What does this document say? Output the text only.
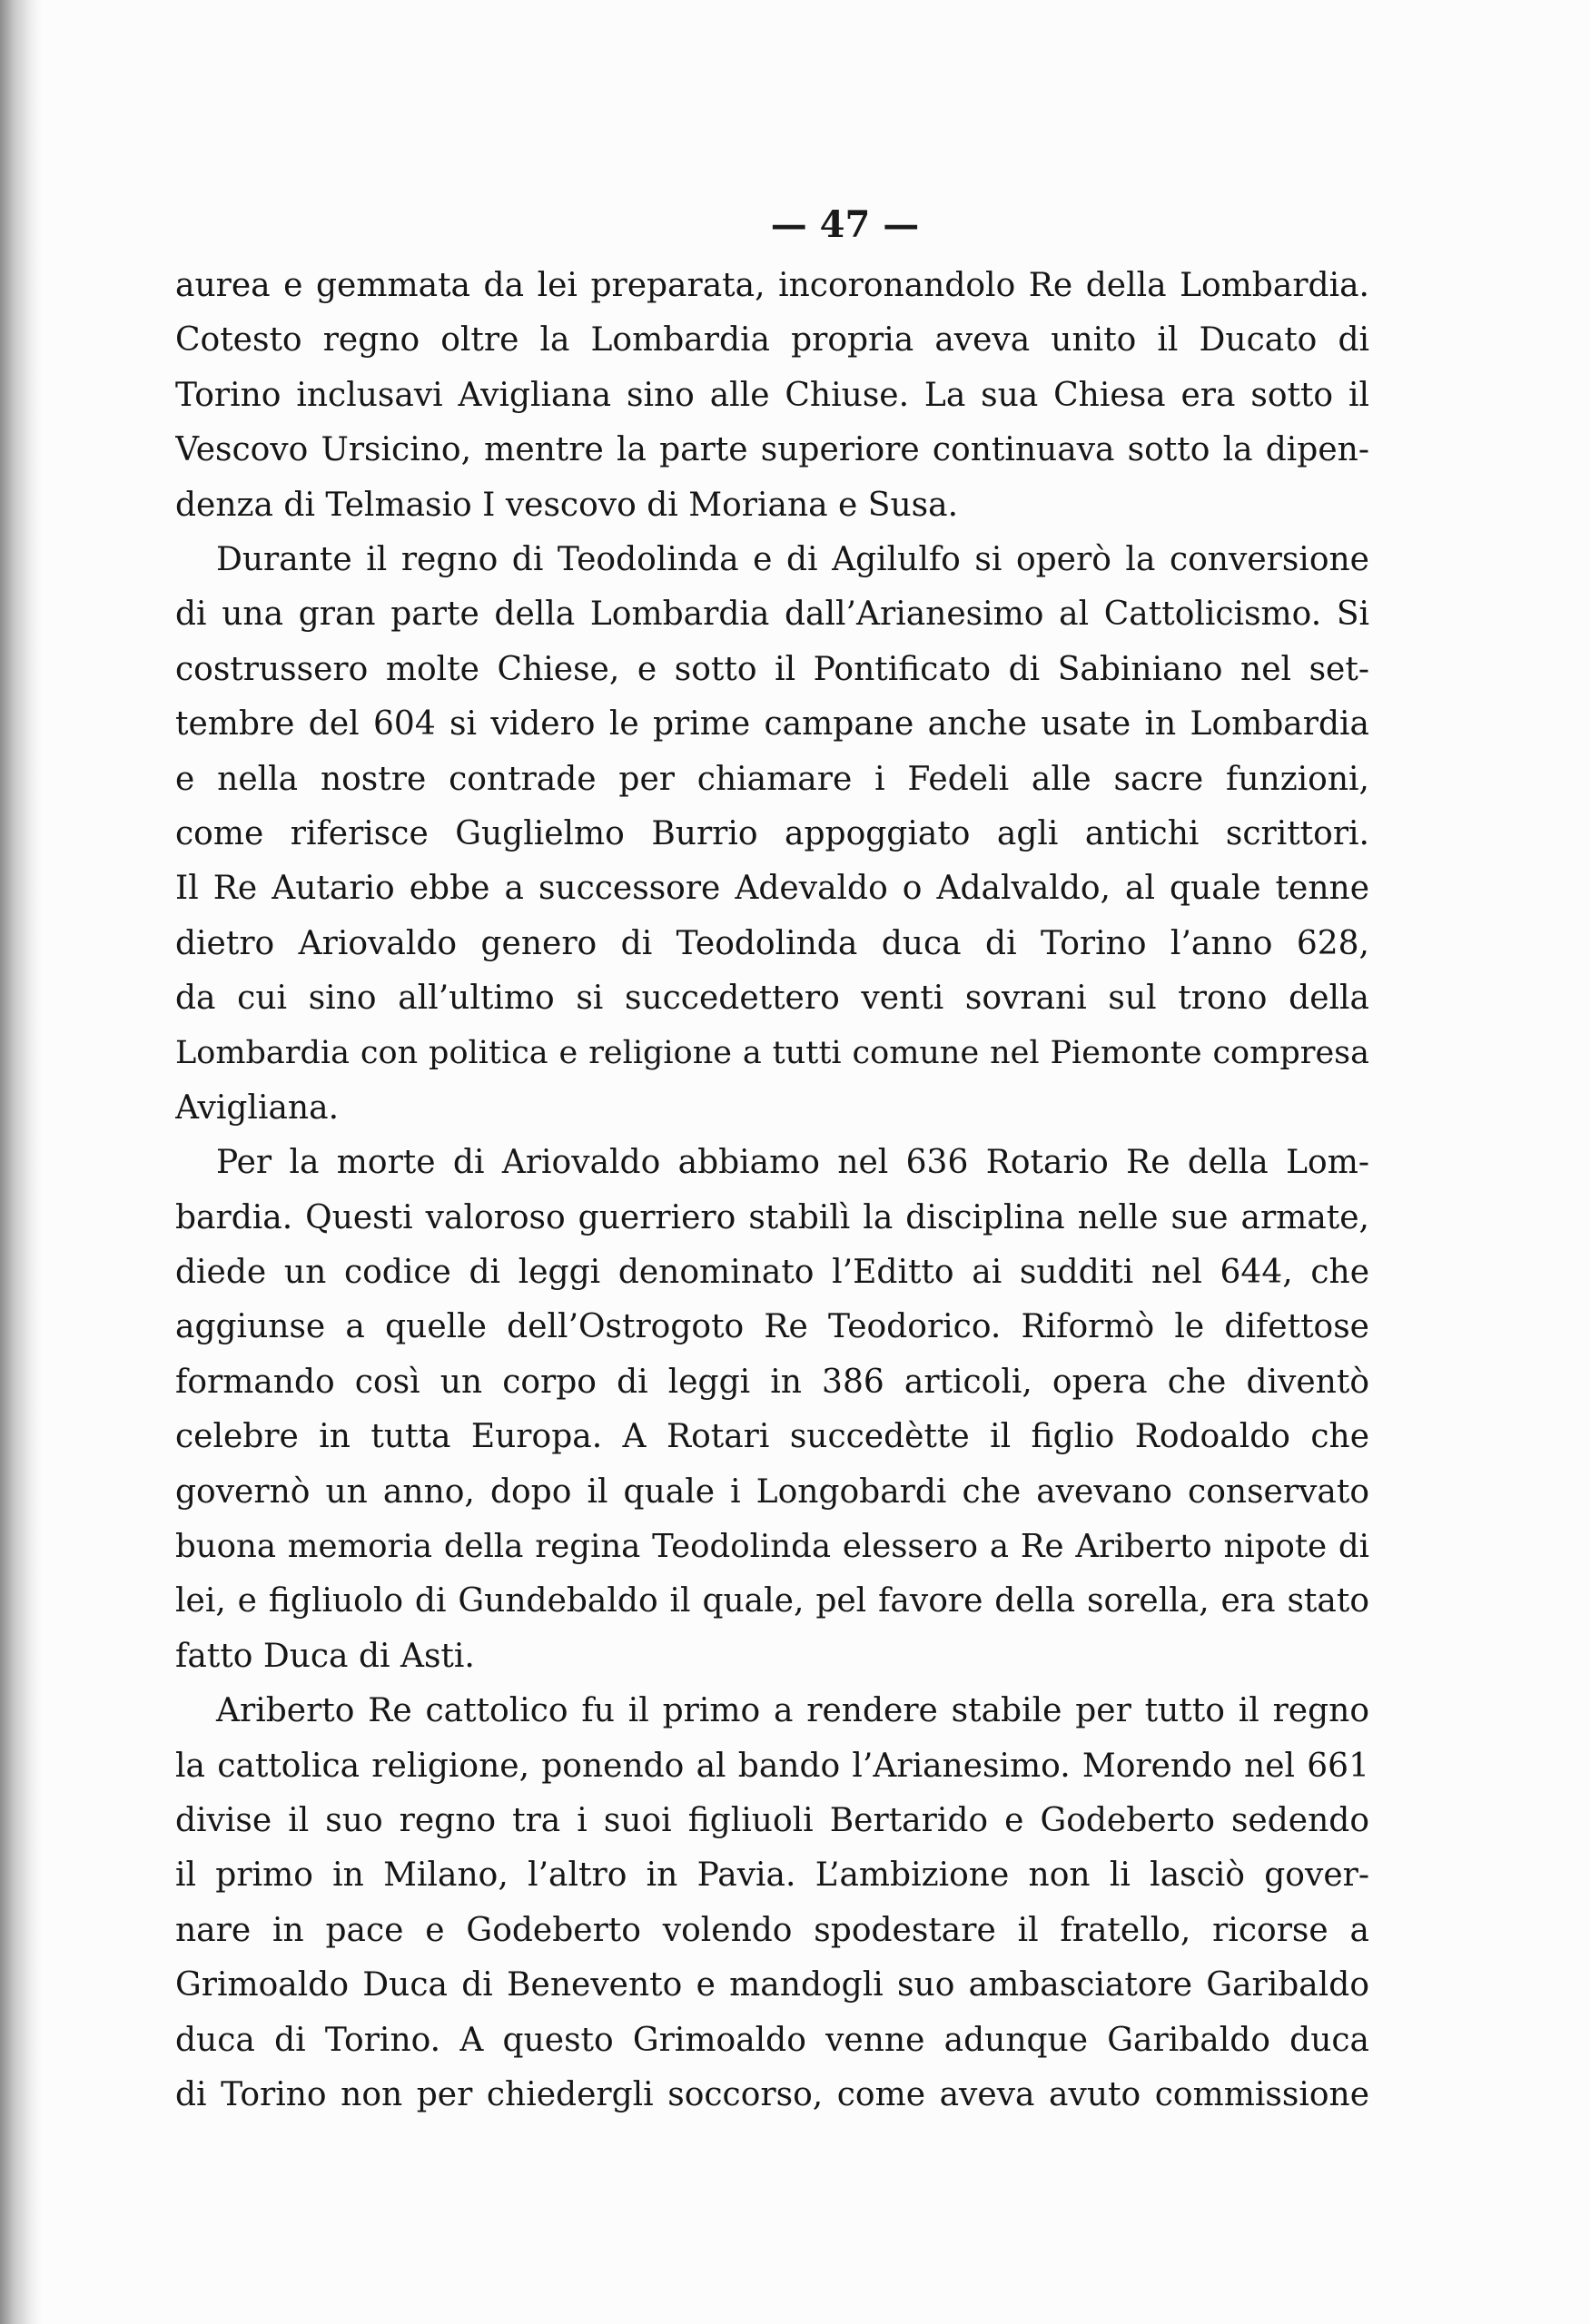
— 47 —
aurea e gemmata da lei preparata, incoronandolo Re della Lombardia.
Cotesto regno oltre la Lombardia propria aveva unito il Ducato di
Torino inclusavi Avigliana sino alle Chiuse. La sua Chiesa era sotto il
Vescovo Ursicino, mentre la parte superiore continuava sotto la dipen-
denza di Telmasio I vescovo di Moriana e Susa.
Durante il regno di Teodolinda e di Agilulfo si operò la conversione
di una gran parte della Lombardia dall’Arianesimo al Cattolicismo. Si
costrussero molte Chiese, e sotto il Pontificato di Sabiniano nel set-
tembre del 604 si videro le prime campane anche usate in Lombardia
e nella nostre contrade per chiamare i Fedeli alle sacre funzioni,
come riferisce Guglielmo Burrio appoggiato agli antichi scrittori.
Il Re Autario ebbe a successore Adevaldo o Adalvaldo, al quale tenne
dietro Ariovaldo genero di Teodolinda duca di Torino l’anno 628,
da cui sino all’ultimo si succedettero venti sovrani sul trono della
Lombardia con politica e religione a tutti comune nel Piemonte compresa
Avigliana.
Per la morte di Ariovaldo abbiamo nel 636 Rotario Re della Lom-
bardia. Questi valoroso guerriero stabilì la disciplina nelle sue armate,
diede un codice di leggi denominato l’Editto ai sudditi nel 644, che
aggiunse a quelle dell’Ostrogoto Re Teodorico. Riformò le difettose
formando così un corpo di leggi in 386 articoli, opera che diventò
celebre in tutta Europa. A Rotari succedètte il figlio Rodoaldo che
governò un anno, dopo il quale i Longobardi che avevano conservato
buona memoria della regina Teodolinda elessero a Re Ariberto nipote di
lei, e figliuolo di Gundebaldo il quale, pel favore della sorella, era stato
fatto Duca di Asti.
Ariberto Re cattolico fu il primo a rendere stabile per tutto il regno
la cattolica religione, ponendo al bando l’Arianesimo. Morendo nel 661
divise il suo regno tra i suoi figliuoli Bertarido e Godeberto sedendo
il primo in Milano, l’altro in Pavia. L’ambizione non li lasciò gover-
nare in pace e Godeberto volendo spodestare il fratello, ricorse a
Grimoaldo Duca di Benevento e mandogli suo ambasciatore Garibaldo
duca di Torino. A questo Grimoaldo venne adunque Garibaldo duca
di Torino non per chiedergli soccorso, come aveva avuto commissione
